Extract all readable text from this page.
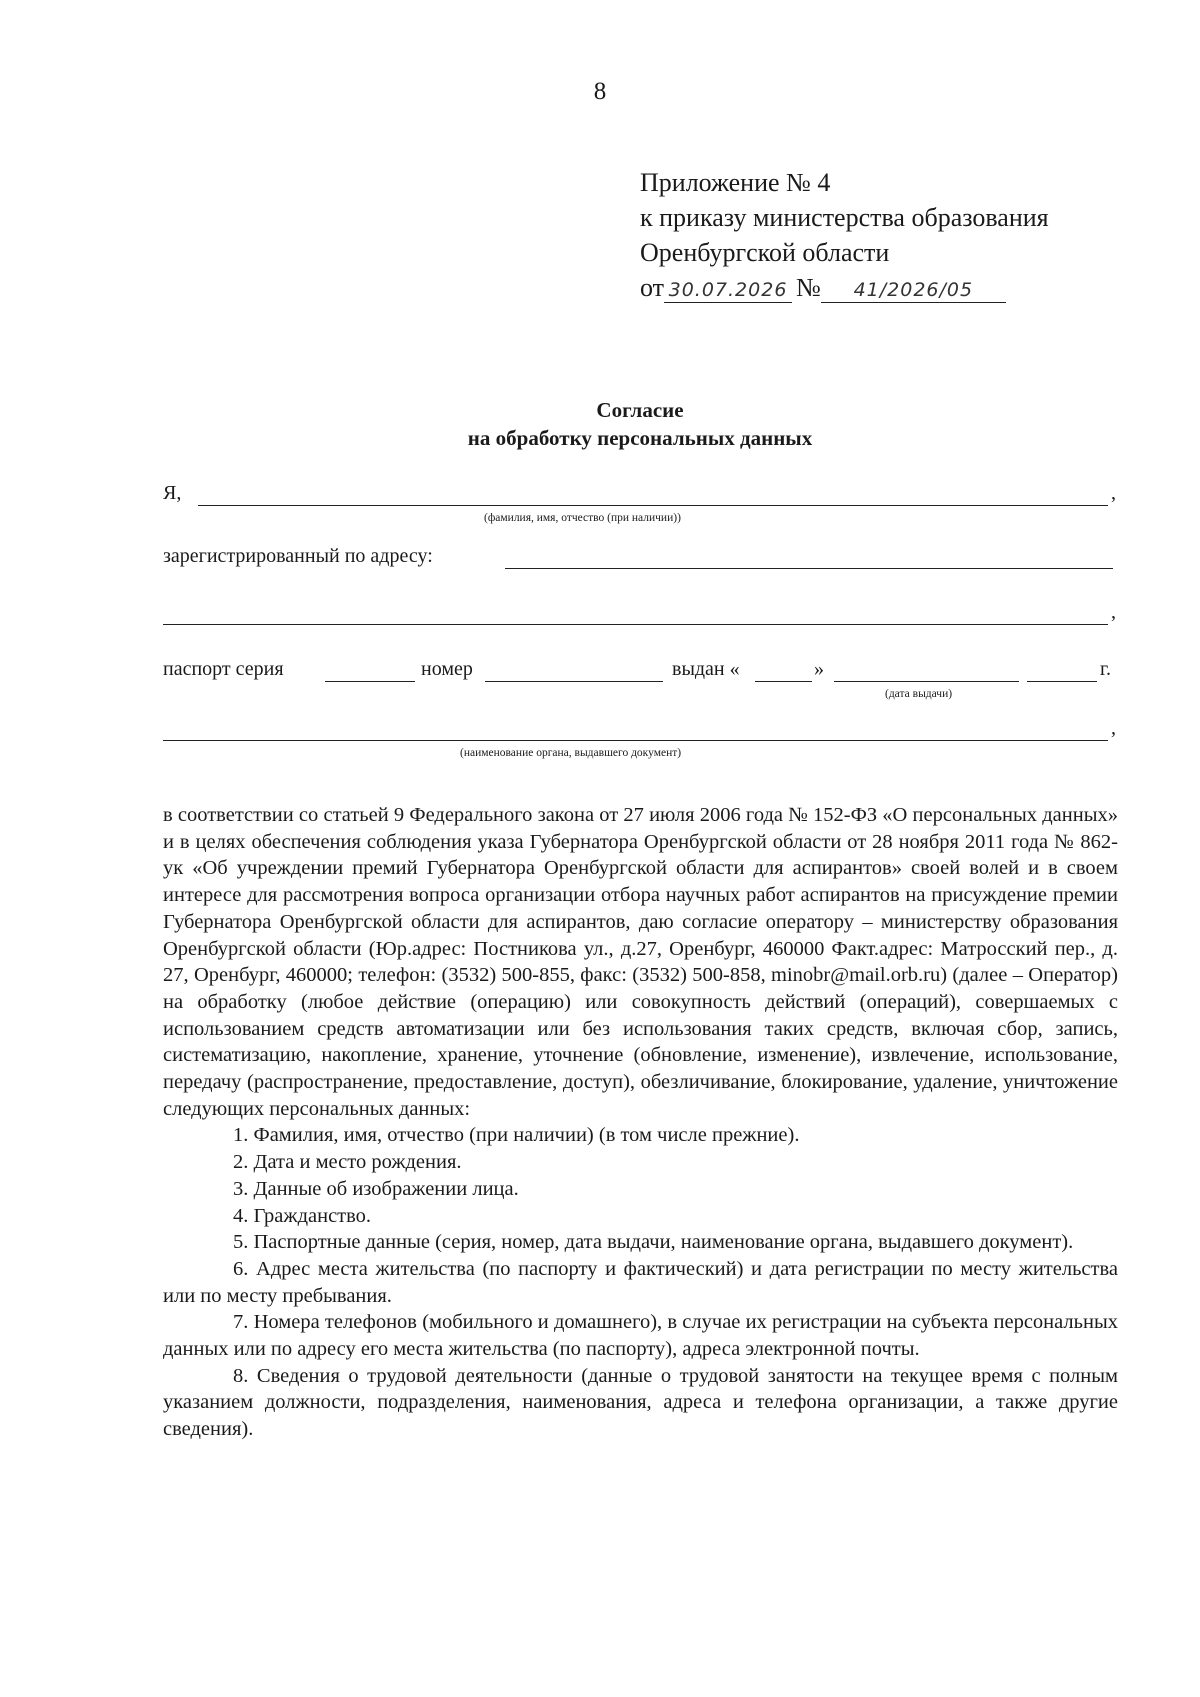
8
Приложение № 4
к приказу министерства образования
Оренбургской области
от 30.07.2026 № 41/2026/05
Согласие
на обработку персональных данных
Я,	,
(фамилия, имя, отчество (при наличии))
зарегистрированный по адресу:
,
паспорт серия	номер	выдан «	»	г.
(дата выдачи)
,
(наименование органа, выдавшего документ)

в соответствии со статьей 9 Федерального закона от 27 июля 2006 года № 152-ФЗ «О персональных данных» и в целях обеспечения соблюдения указа Губернатора Оренбургской области от 28 ноября 2011 года № 862-ук «Об учреждении премий Губернатора Оренбургской области для аспирантов» своей волей и в своем интересе для рассмотрения вопроса организации отбора научных работ аспирантов на присуждение премии Губернатора Оренбургской области для аспирантов, даю согласие оператору – министерству образования Оренбургской области (Юр.адрес: Постникова ул., д.27, Оренбург, 460000 Факт.адрес: Матросский пер., д. 27, Оренбург, 460000; телефон: (3532) 500-855, факс: (3532) 500-858, minobr@mail.orb.ru) (далее – Оператор) на обработку (любое действие (операцию) или совокупность действий (операций), совершаемых с использованием средств автоматизации или без использования таких средств, включая сбор, запись, систематизацию, накопление, хранение, уточнение (обновление, изменение), извлечение, использование, передачу (распространение, предоставление, доступ), обезличивание, блокирование, удаление, уничтожение следующих персональных данных:

1. Фамилия, имя, отчество (при наличии) (в том числе прежние).

2. Дата и место рождения.

3. Данные об изображении лица.

4. Гражданство.

5. Паспортные данные (серия, номер, дата выдачи, наименование органа, выдавшего документ).

6. Адрес места жительства (по паспорту и фактический) и дата регистрации по месту жительства или по месту пребывания.

7. Номера телефонов (мобильного и домашнего), в случае их регистрации на субъекта персональных данных или по адресу его места жительства (по паспорту), адреса электронной почты.

8. Сведения о трудовой деятельности (данные о трудовой занятости на текущее время с полным указанием должности, подразделения, наименования, адреса и телефона организации, а также другие сведения).
